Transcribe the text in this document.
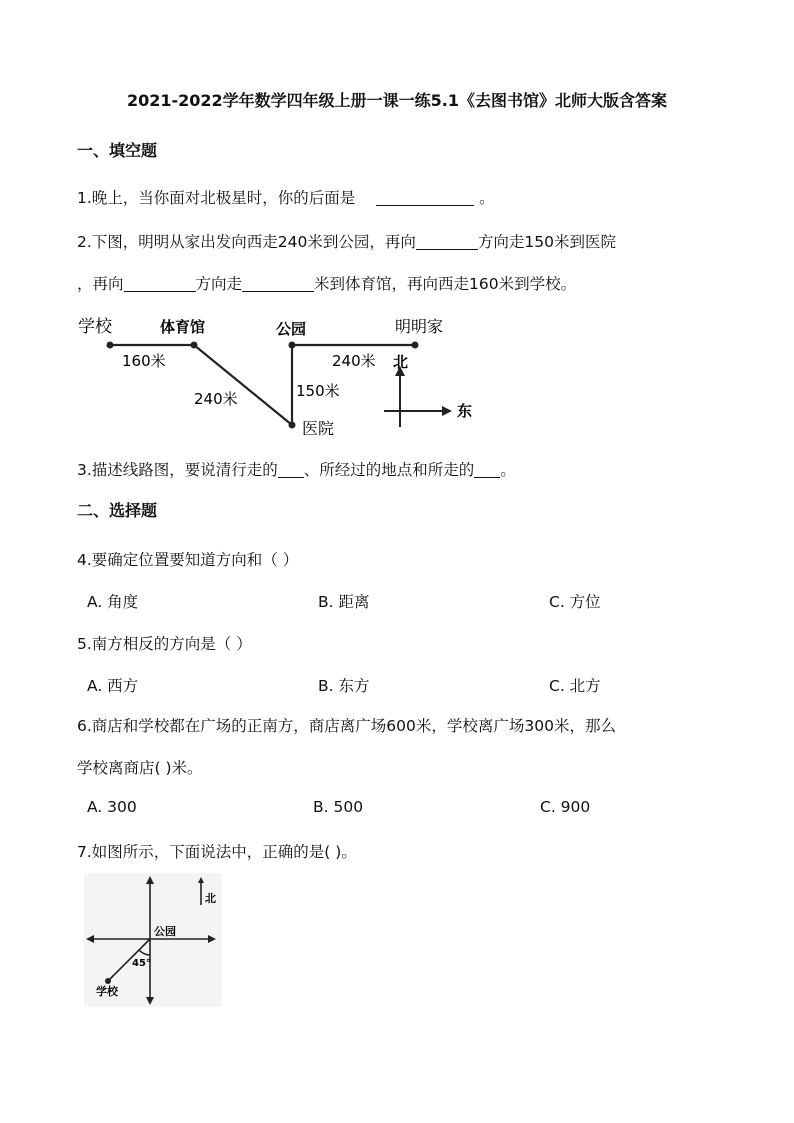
2021-2022学年数学四年级上册一课一练5.1《去图书馆》北师大版含答案
一、填空题
1.晚上，当你面对北极星时，你的后面是	。
2.下图，明明从家出发向西走240米到公园，再向	方向走150米到医院
，再向	方向走	米到体育馆，再向西走160米到学校。
学校	体育馆	公园	明明家
160米	240米
240米	150米
医院
北
东
3.描述线路图，要说清行走的 、所经过的地点和所走的 。
二、选择题
4.要确定位置要知道方向和（ ）
A. 角度	B. 距离	C. 方位
5.南方相反的方向是（ ）
A. 西方	B. 东方	C. 北方
6.商店和学校都在广场的正南方，商店离广场600米，学校离广场300米，那么
学校离商店( )米。
A. 300	B. 500	C. 900
7.如图所示，下面说法中，正确的是( )。
北
公园
45°
学校
